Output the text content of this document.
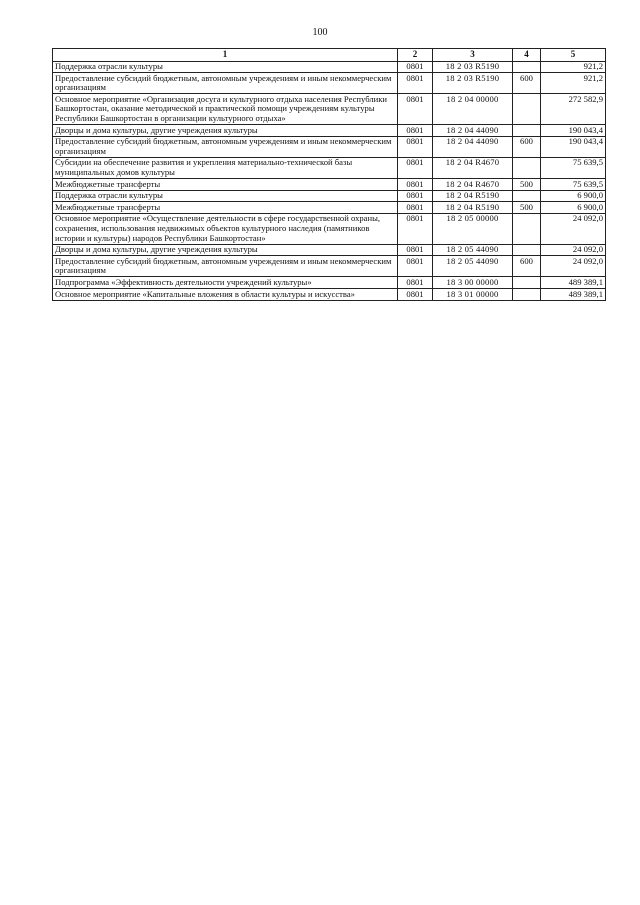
100
1	2	3	4	5
Поддержка отрасли культуры	0801	18 2 03 R5190		921,2
Предоставление субсидий бюджетным, автономным учреждениям и иным некоммерческим организациям	0801	18 2 03 R5190	600	921,2
Основное мероприятие «Организация досуга и культурного отдыха населения Республики Башкортостан, оказание методической и практической помощи учреждениям культуры Республики Башкортостан в организации культурного отдыха»	0801	18 2 04 00000		272 582,9
Дворцы и дома культуры, другие учреждения культуры	0801	18 2 04 44090		190 043,4
Предоставление субсидий бюджетным, автономным учреждениям и иным некоммерческим организациям	0801	18 2 04 44090	600	190 043,4
Субсидии на обеспечение развития и укрепления материально-технической базы муниципальных домов культуры	0801	18 2 04 R4670		75 639,5
Межбюджетные трансферты	0801	18 2 04 R4670	500	75 639,5
Поддержка отрасли культуры	0801	18 2 04 R5190		6 900,0
Межбюджетные трансферты	0801	18 2 04 R5190	500	6 900,0
Основное мероприятие «Осуществление деятельности в сфере государственной охраны, сохранения, использования недвижимых объектов культурного наследия (памятников истории и культуры) народов Республики Башкортостан»	0801	18 2 05 00000		24 092,0
Дворцы и дома культуры, другие учреждения культуры	0801	18 2 05 44090		24 092,0
Предоставление субсидий бюджетным, автономным учреждениям и иным некоммерческим организациям	0801	18 2 05 44090	600	24 092,0
Подпрограмма «Эффективность деятельности учреждений культуры»	0801	18 3 00 00000		489 389,1
Основное мероприятие «Капитальные вложения в области культуры и искусства»	0801	18 3 01 00000		489 389,1
